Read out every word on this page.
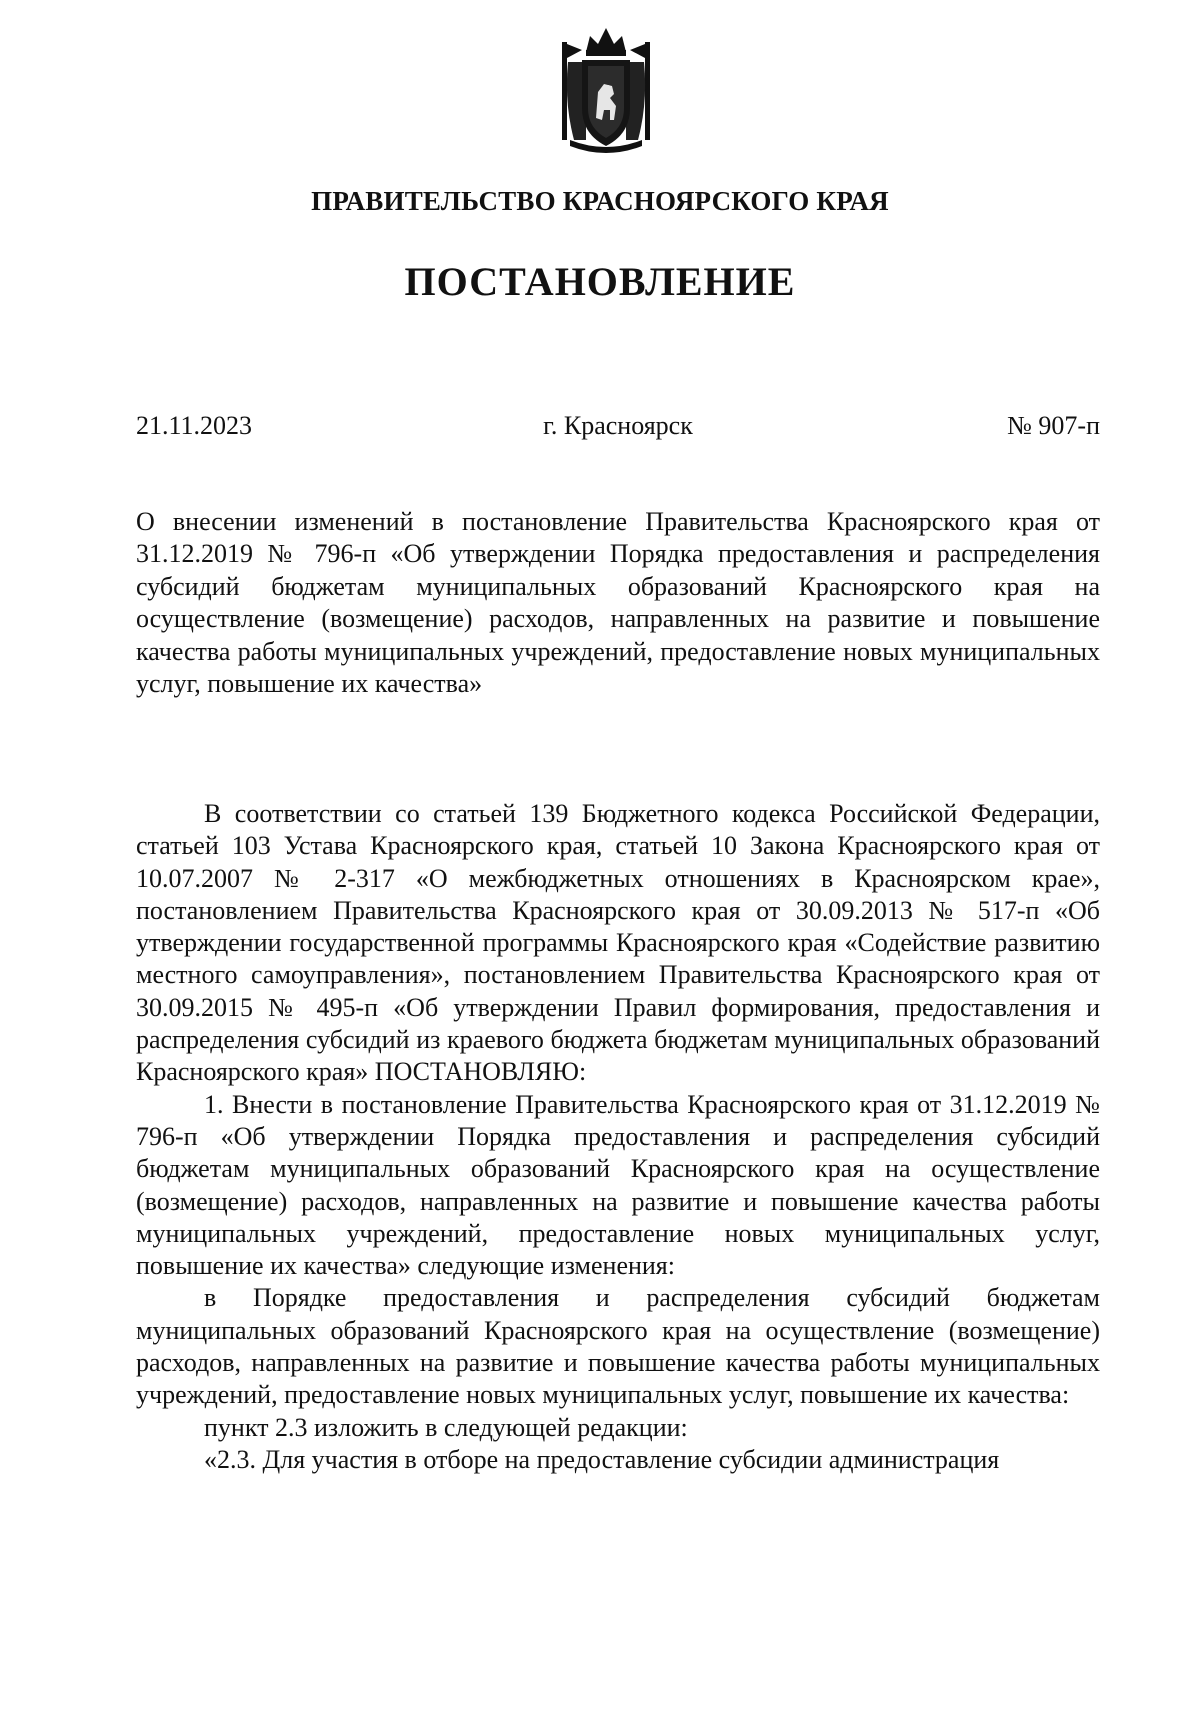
ПРАВИТЕЛЬСТВО КРАСНОЯРСКОГО КРАЯ
ПОСТАНОВЛЕНИЕ
21.11.2023	г. Красноярск	№ 907-п
О внесении изменений в постановление Правительства Красноярского края от 31.12.2019 № 796-п «Об утверждении Порядка предоставления и распределения субсидий бюджетам муниципальных образований Красноярского края на осуществление (возмещение) расходов, направленных на развитие и повышение качества работы муниципальных учреждений, предоставление новых муниципальных услуг, повышение их качества»

В соответствии со статьей 139 Бюджетного кодекса Российской Федерации, статьей 103 Устава Красноярского края, статьей 10 Закона Красноярского края от 10.07.2007 № 2-317 «О межбюджетных отношениях в Красноярском крае», постановлением Правительства Красноярского края от 30.09.2013 № 517-п «Об утверждении государственной программы Красноярского края «Содействие развитию местного самоуправления», постановлением Правительства Красноярского края от 30.09.2015 № 495-п «Об утверждении Правил формирования, предоставления и распределения субсидий из краевого бюджета бюджетам муниципальных образований Красноярского края» ПОСТАНОВЛЯЮ:

1. Внести в постановление Правительства Красноярского края от 31.12.2019 № 796-п «Об утверждении Порядка предоставления и распределения субсидий бюджетам муниципальных образований Красноярского края на осуществление (возмещение) расходов, направленных на развитие и повышение качества работы муниципальных учреждений, предоставление новых муниципальных услуг, повышение их качества» следующие изменения:

в Порядке предоставления и распределения субсидий бюджетам муниципальных образований Красноярского края на осуществление (возмещение) расходов, направленных на развитие и повышение качества работы муниципальных учреждений, предоставление новых муниципальных услуг, повышение их качества:

пункт 2.3 изложить в следующей редакции:

«2.3. Для участия в отборе на предоставление субсидии администрация
